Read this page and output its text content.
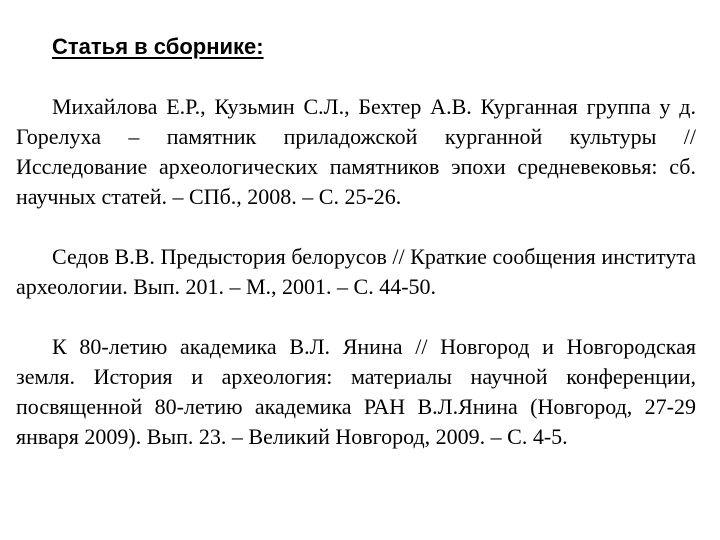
Статья в сборнике:

Михайлова Е.Р., Кузьмин С.Л., Бехтер А.В. Курганная группа у д. Горелуха – памятник приладожской курганной культуры // Исследование археологических памятников эпохи средневековья: сб. научных статей. – СПб., 2008. – С. 25-26.

Седов В.В. Предыстория белорусов // Краткие сообщения института археологии. Вып. 201. – М., 2001. – С. 44-50.

К 80-летию академика В.Л. Янина // Новгород и Новгородская земля. История и археология: материалы научной конференции, посвященной 80-летию академика РАН В.Л.Янина (Новгород, 27-29 января 2009). Вып. 23. – Великий Новгород, 2009. – С. 4-5.
